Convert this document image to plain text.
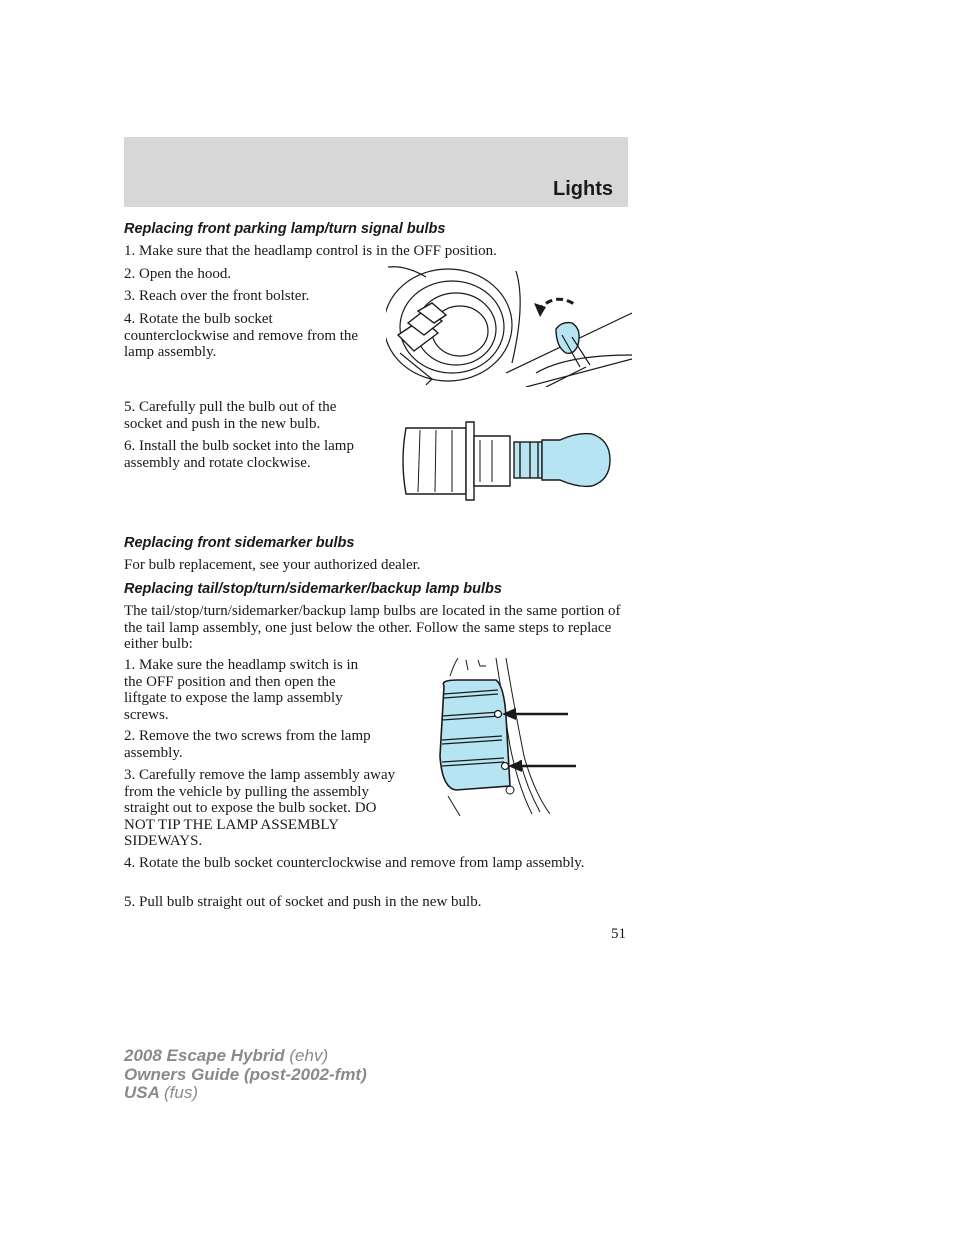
Lights
Replacing front parking lamp/turn signal bulbs
1. Make sure that the headlamp control is in the OFF position.
2. Open the hood.
3. Reach over the front bolster.
4. Rotate the bulb socket counterclockwise and remove from the lamp assembly.
5. Carefully pull the bulb out of the socket and push in the new bulb.
6. Install the bulb socket into the lamp assembly and rotate clockwise.
Replacing front sidemarker bulbs
For bulb replacement, see your authorized dealer.
Replacing tail/stop/turn/sidemarker/backup lamp bulbs
The tail/stop/turn/sidemarker/backup lamp bulbs are located in the same portion of the tail lamp assembly, one just below the other. Follow the same steps to replace either bulb:
1. Make sure the headlamp switch is in the OFF position and then open the liftgate to expose the lamp assembly screws.
2. Remove the two screws from the lamp assembly.
3. Carefully remove the lamp assembly away from the vehicle by pulling the assembly straight out to expose the bulb socket. DO NOT TIP THE LAMP ASSEMBLY SIDEWAYS.
4. Rotate the bulb socket counterclockwise and remove from lamp assembly.
5. Pull bulb straight out of socket and push in the new bulb.
51
2008 Escape Hybrid (ehv)
Owners Guide (post-2002-fmt)
USA (fus)
